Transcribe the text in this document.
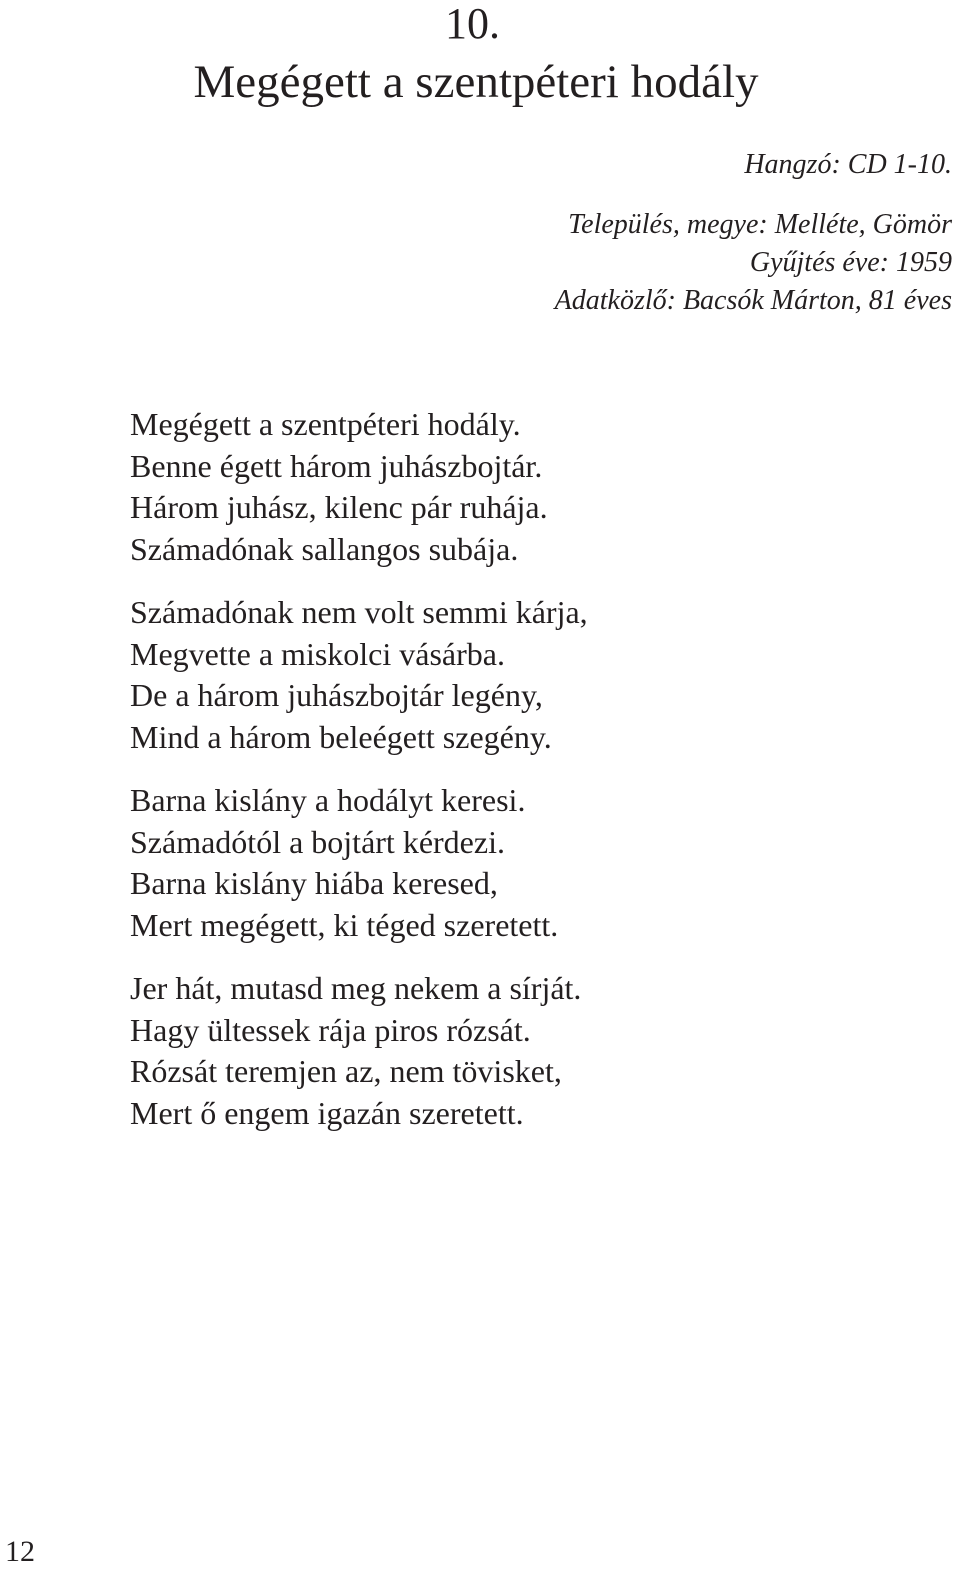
10.
Megégett a szentpéteri hodály
Hangzó: CD 1-10.
Település, megye: Melléte, Gömör
Gyűjtés éve: 1959
Adatközlő: Bacsók Márton, 81 éves
Megégett a szentpéteri hodály.
Benne égett három juhászbojtár.
Három juhász, kilenc pár ruhája.
Számadónak sallangos subája.
Számadónak nem volt semmi kárja,
Megvette a miskolci vásárba.
De a három juhászbojtár legény,
Mind a három beleégett szegény.
Barna kislány a hodályt keresi.
Számadótól a bojtárt kérdezi.
Barna kislány hiába keresed,
Mert megégett, ki téged szeretett.
Jer hát, mutasd meg nekem a sírját.
Hagy ültessek rája piros rózsát.
Rózsát teremjen az, nem tövisket,
Mert ő engem igazán szeretett.
12
